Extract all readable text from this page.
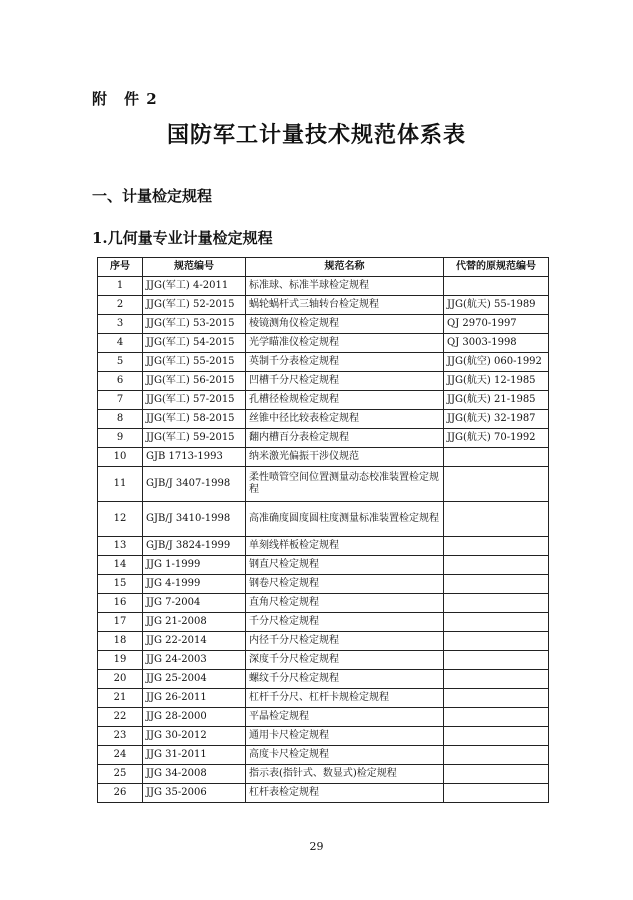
附　件 2
国防军工计量技术规范体系表
一、计量检定规程
1.几何量专业计量检定规程
序号	规范编号	规范名称	代替的原规范编号
1	JJG(军工) 4-2011	标准球、标准半球检定规程	
2	JJG(军工) 52-2015	蜗轮蜗杆式三轴转台检定规程	JJG(航天) 55-1989
3	JJG(军工) 53-2015	棱镜测角仪检定规程	QJ 2970-1997
4	JJG(军工) 54-2015	光学瞄准仪检定规程	QJ 3003-1998
5	JJG(军工) 55-2015	英制千分表检定规程	JJG(航空) 060-1992
6	JJG(军工) 56-2015	凹槽千分尺检定规程	JJG(航天) 12-1985
7	JJG(军工) 57-2015	孔槽径检规检定规程	JJG(航天) 21-1985
8	JJG(军工) 58-2015	丝锥中径比较表检定规程	JJG(航天) 32-1987
9	JJG(军工) 59-2015	翻内槽百分表检定规程	JJG(航天) 70-1992
10	GJB 1713-1993	纳米激光偏振干涉仪规范	
11	GJB/J 3407-1998	柔性喷管空间位置测量动态校准装置检定规程	
12	GJB/J 3410-1998	高准确度圆度圆柱度测量标准装置检定规程	
13	GJB/J 3824-1999	单刻线样板检定规程	
14	JJG 1-1999	钢直尺检定规程	
15	JJG 4-1999	钢卷尺检定规程	
16	JJG 7-2004	直角尺检定规程	
17	JJG 21-2008	千分尺检定规程	
18	JJG 22-2014	内径千分尺检定规程	
19	JJG 24-2003	深度千分尺检定规程	
20	JJG 25-2004	螺纹千分尺检定规程	
21	JJG 26-2011	杠杆千分尺、杠杆卡规检定规程	
22	JJG 28-2000	平晶检定规程	
23	JJG 30-2012	通用卡尺检定规程	
24	JJG 31-2011	高度卡尺检定规程	
25	JJG 34-2008	指示表(指针式、数显式)检定规程	
26	JJG 35-2006	杠杆表检定规程	
29
